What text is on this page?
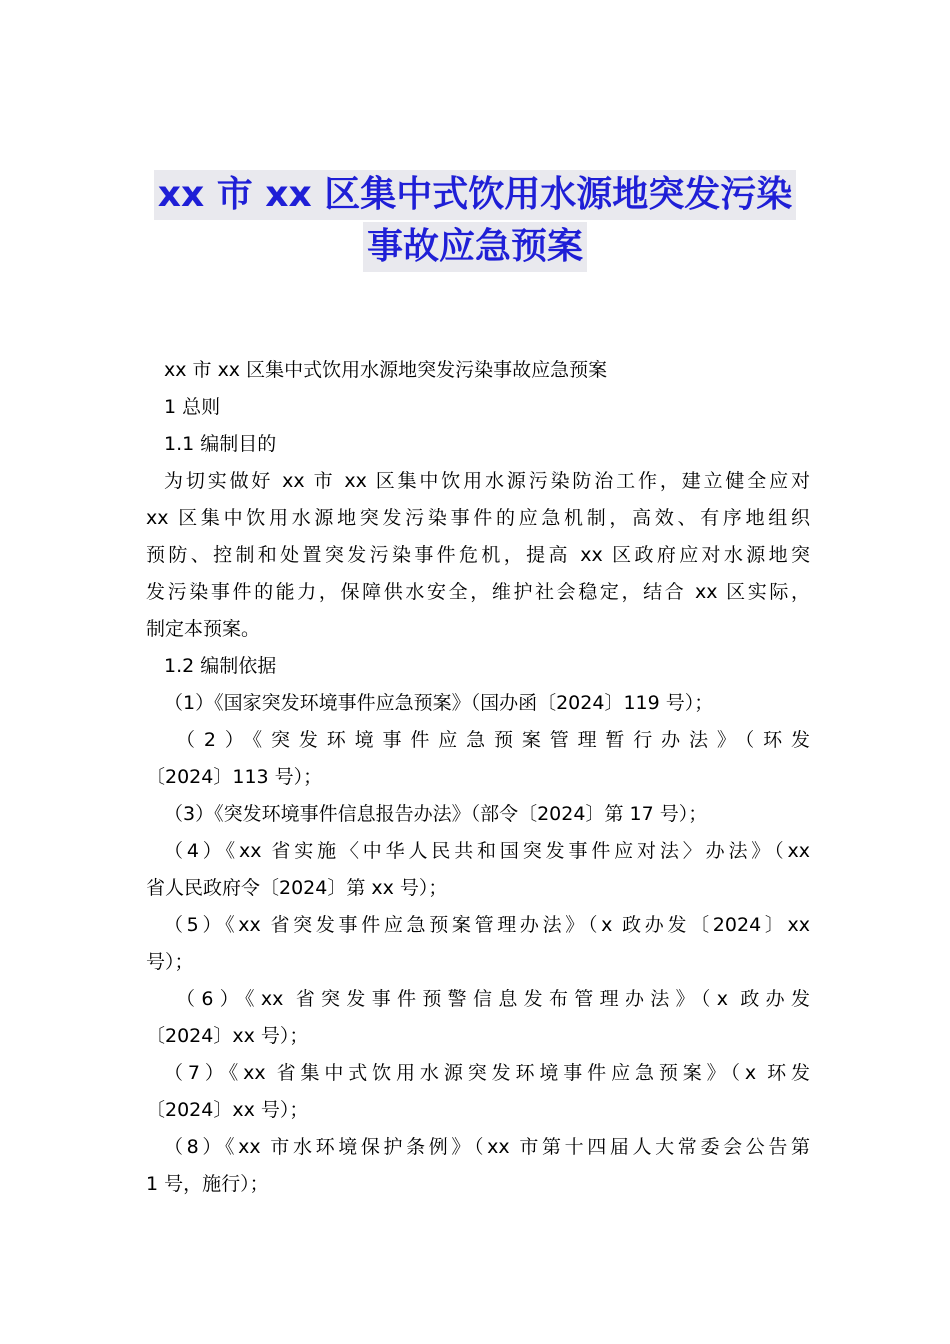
xx 市 xx 区集中式饮用水源地突发污染
事故应急预案

xx 市 xx 区集中式饮用水源地突发污染事故应急预案

1 总则

1.1 编制目的

为切实做好 xx 市 xx 区集中饮用水源污染防治工作，建立健全应对

xx 区集中饮用水源地突发污染事件的应急机制，高效、有序地组织

预防、控制和处置突发污染事件危机，提高 xx 区政府应对水源地突

发污染事件的能力，保障供水安全，维护社会稳定，结合 xx 区实际，

制定本预案。

1.2 编制依据

（1）《国家突发环境事件应急预案》（国办函〔2024〕119 号）；

（2）《突发环境事件应急预案管理暂行办法》（环发

〔2024〕113 号）；

（3）《突发环境事件信息报告办法》（部令〔2024〕第 17 号）；

（4）《xx 省实施〈中华人民共和国突发事件应对法〉办法》（xx

省人民政府令〔2024〕第 xx 号）；

（5）《xx 省突发事件应急预案管理办法》（x 政办发〔2024〕xx

号）；

（6）《xx 省突发事件预警信息发布管理办法》（x 政办发

〔2024〕xx 号）；

（7）《xx 省集中式饮用水源突发环境事件应急预案》（x 环发

〔2024〕xx 号）；

（8）《xx 市水环境保护条例》（xx 市第十四届人大常委会公告第

1 号，施行）；
